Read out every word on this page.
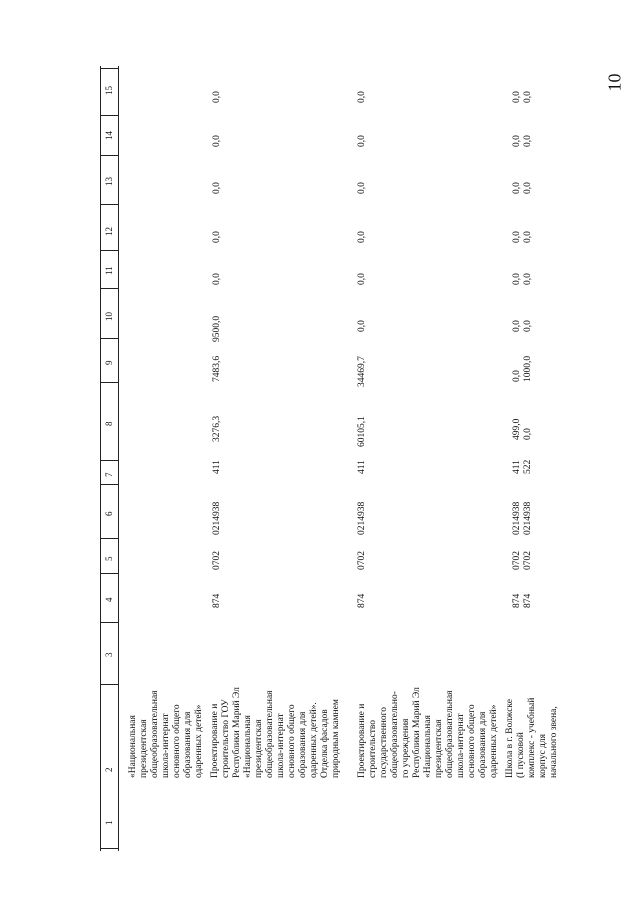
10
1
2
3
4
5
6
7
8
9
10
11
12
13
14
15
«Национальная президентская общеобразовательная школа-интернат основного общего образования для одаренных детей» Проектирование и строительство ГОУ Республики Марий Эл «Национальная президентская общеобразовательная школа-интернат основного общего образования для одаренных детей». Отделка фасадов природным камнем
874
0702
0214938
411
3276,3
7483,6
9500,0
0,0
0,0
0,0
0,0
0,0
Проектирование и строительство государственного общеобразовательно- го учреждения Республики Марий Эл «Национальная президентская общеобразовательная школа-интернат основного общего образования для одаренных детей»
874
0702
0214938
411
60105,1
34469,7
0,0
0,0
0,0
0,0
0,0
0,0
Школа в г. Волжске (I пусковой комплекс - учебный корпус для начального звена,
874 874
0702 0702
0214938 0214938
411 522
499,0 0,0
0,0 1000,0
0,0 0,0
0,0 0,0
0,0 0,0
0,0 0,0
0,0 0,0
0,0 0,0
